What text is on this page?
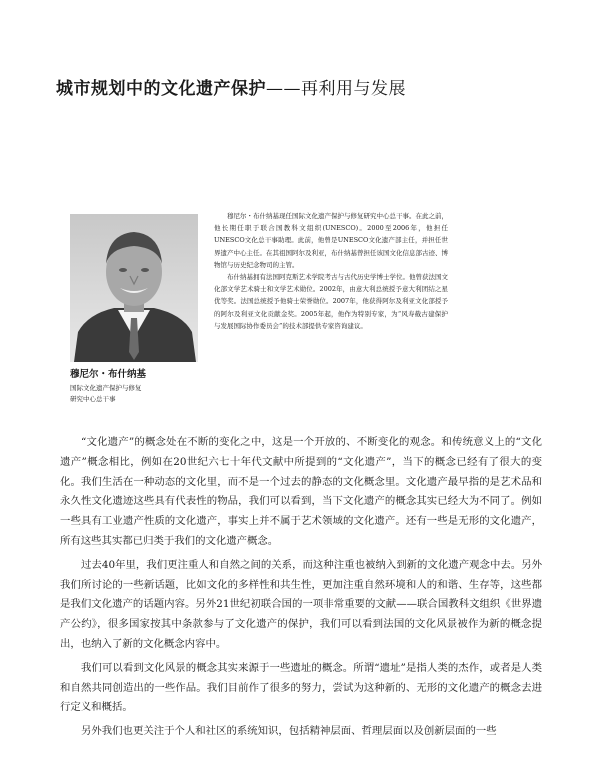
城市规划中的文化遗产保护——再利用与发展

穆尼尔・布什纳基现任国际文化遗产保护与修复研究中心总干事。在此之前，他长期任职于联合国教科文组织(UNESCO)。2000至2006年，他担任UNESCO文化总干事助理。此前，他曾是UNESCO文化遗产部主任，并担任世界遗产中心主任。在其祖国阿尔及利亚，布什纳基曾担任该国文化信息部古迹、博物馆与历史纪念物司的主管。

布什纳基拥有法国阿克斯艺术学院考古与古代历史学博士学位。他曾获法国文化部文学艺术骑士和文学艺术勋位。2002年，由意大利总统授予意大利团结之星优等奖。法国总统授予他骑士荣誉勋位。2007年，他获得阿尔及利亚文化部授予的阿尔及利亚文化贡献金奖。2005年起，他作为特别专家，为“风寿截古建保护与发展国际协作委员会”的技术部提供专家咨询建议。

穆尼尔・布什纳基
国际文化遗产保护与修复
研究中心总干事

“文化遗产”的概念处在不断的变化之中，这是一个开放的、不断变化的观念。和传统意义上的“文化遗产”概念相比，例如在20世纪六七十年代文献中所提到的“文化遗产”，当下的概念已经有了很大的变化。我们生活在一种动态的文化里，而不是一个过去的静态的文化概念里。文化遗产最早指的是艺术品和永久性文化遗迹这些具有代表性的物品，我们可以看到，当下文化遗产的概念其实已经大为不同了。例如一些具有工业遗产性质的文化遗产，事实上并不属于艺术领域的文化遗产。还有一些是无形的文化遗产，所有这些其实都已归类于我们的文化遗产概念。

过去40年里，我们更注重人和自然之间的关系，而这种注重也被纳入到新的文化遗产观念中去。另外我们所讨论的一些新话题，比如文化的多样性和共生性，更加注重自然环境和人的和谐、生存等，这些都是我们文化遗产的话题内容。另外21世纪初联合国的一项非常重要的文献——联合国教科文组织《世界遗产公约》，很多国家按其中条款参与了文化遗产的保护，我们可以看到法国的文化风景被作为新的概念提出，也纳入了新的文化概念内容中。

我们可以看到文化风景的概念其实来源于一些遗址的概念。所谓“遗址”是指人类的杰作，或者是人类和自然共同创造出的一些作品。我们目前作了很多的努力，尝试为这种新的、无形的文化遗产的概念去进行定义和概括。

另外我们也更关注于个人和社区的系统知识，包括精神层面、哲理层面以及创新层面的一些
